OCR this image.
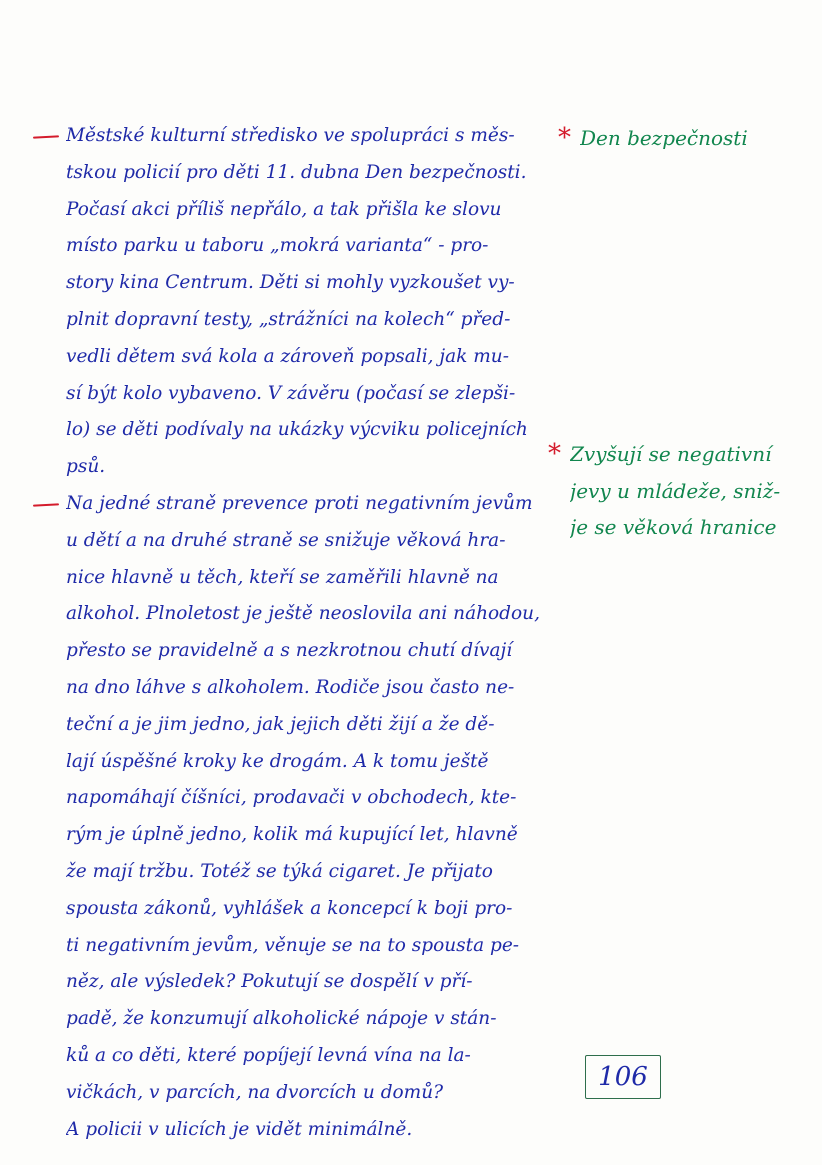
Městské kulturní středisko ve spolupráci s měs-
tskou policií pro děti 11. dubna Den bezpečnosti.
Počasí akci příliš nepřálo, a tak přišla ke slovu
místo parku u taboru „mokrá varianta“ - pro-
story kina Centrum. Děti si mohly vyzkoušet vy-
plnit dopravní testy, „strážníci na kolech“ před-
vedli dětem svá kola a zároveň popsali, jak mu-
sí být kolo vybaveno. V závěru (počasí se zlepši-
lo) se děti podívaly na ukázky výcviku policejních
psů.
Na jedné straně prevence proti negativním jevům
u dětí a na druhé straně se snižuje věková hra-
nice hlavně u těch, kteří se zaměřili hlavně na
alkohol. Plnoletost je ještě neoslovila ani náhodou,
přesto se pravidelně a s nezkrotnou chutí dívají
na dno láhve s alkoholem. Rodiče jsou často ne-
teční a je jim jedno, jak jejich děti žijí a že dě-
lají úspěšné kroky ke drogám. A k tomu ještě
napomáhají číšníci, prodavači v obchodech, kte-
rým je úplně jedno, kolik má kupující let, hlavně
že mají tržbu. Totéž se týká cigaret. Je přijato
spousta zákonů, vyhlášek a koncepcí k boji pro-
ti negativním jevům, věnuje se na to spousta pe-
něz, ale výsledek? Pokutují se dospělí v pří-
padě, že konzumují alkoholické nápoje v stán-
ků a co děti, které popíjejí levná vína na la-
vičkách, v parcích, na dvorcích u domů?
A policii v ulicích je vidět minimálně.
* Den bezpečnosti
* Zvyšují se negativní
jevy u mládeže, sniž-
je se věková hranice
106
